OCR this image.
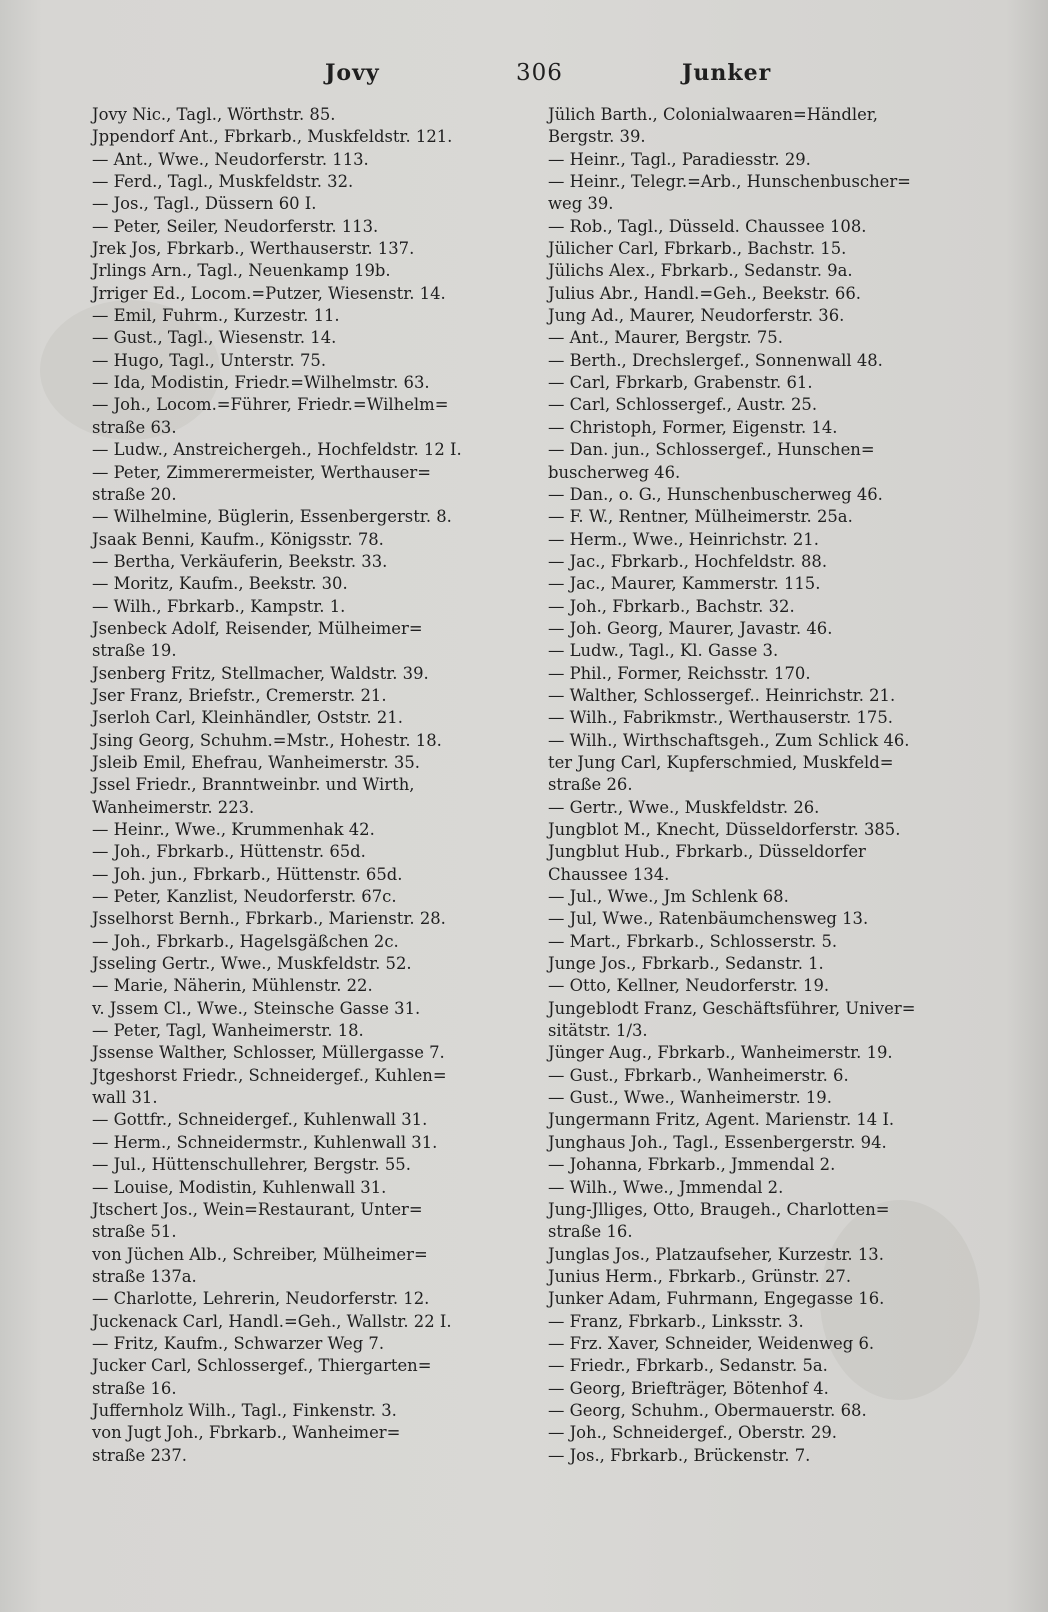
Jovy	306	Junker
Jovy Nic., Tagl., Wörthstr. 85.
Jppendorf Ant., Fbrkarb., Muskfeldstr. 121.
— Ant., Wwe., Neudorferstr. 113.
— Ferd., Tagl., Muskfeldstr. 32.
— Jos., Tagl., Düssern 60 I.
— Peter, Seiler, Neudorferstr. 113.
Jrek Jos, Fbrkarb., Werthauserstr. 137.
Jrlings Arn., Tagl., Neuenkamp 19b.
Jrriger Ed., Locom.=Putzer, Wiesenstr. 14.
— Emil, Fuhrm., Kurzestr. 11.
— Gust., Tagl., Wiesenstr. 14.
— Hugo, Tagl., Unterstr. 75.
— Ida, Modistin, Friedr.=Wilhelmstr. 63.
— Joh., Locom.=Führer, Friedr.=Wilhelm=
straße 63.
— Ludw., Anstreichergeh., Hochfeldstr. 12 I.
— Peter, Zimmerermeister, Werthauser=
straße 20.
— Wilhelmine, Büglerin, Essenbergerstr. 8.
Jsaak Benni, Kaufm., Königsstr. 78.
— Bertha, Verkäuferin, Beekstr. 33.
— Moritz, Kaufm., Beekstr. 30.
— Wilh., Fbrkarb., Kampstr. 1.
Jsenbeck Adolf, Reisender, Mülheimer=
straße 19.
Jsenberg Fritz, Stellmacher, Waldstr. 39.
Jser Franz, Briefstr., Cremerstr. 21.
Jserloh Carl, Kleinhändler, Oststr. 21.
Jsing Georg, Schuhm.=Mstr., Hohestr. 18.
Jsleib Emil, Ehefrau, Wanheimerstr. 35.
Jssel Friedr., Branntweinbr. und Wirth,
Wanheimerstr. 223.
— Heinr., Wwe., Krummenhak 42.
— Joh., Fbrkarb., Hüttenstr. 65d.
— Joh. jun., Fbrkarb., Hüttenstr. 65d.
— Peter, Kanzlist, Neudorferstr. 67c.
Jsselhorst Bernh., Fbrkarb., Marienstr. 28.
— Joh., Fbrkarb., Hagelsgäßchen 2c.
Jsseling Gertr., Wwe., Muskfeldstr. 52.
— Marie, Näherin, Mühlenstr. 22.
v. Jssem Cl., Wwe., Steinsche Gasse 31.
— Peter, Tagl, Wanheimerstr. 18.
Jssense Walther, Schlosser, Müllergasse 7.
Jtgeshorst Friedr., Schneidergef., Kuhlen=
wall 31.
— Gottfr., Schneidergef., Kuhlenwall 31.
— Herm., Schneidermstr., Kuhlenwall 31.
— Jul., Hüttenschullehrer, Bergstr. 55.
— Louise, Modistin, Kuhlenwall 31.
Jtschert Jos., Wein=Restaurant, Unter=
straße 51.
von Jüchen Alb., Schreiber, Mülheimer=
straße 137a.
— Charlotte, Lehrerin, Neudorferstr. 12.
Juckenack Carl, Handl.=Geh., Wallstr. 22 I.
— Fritz, Kaufm., Schwarzer Weg 7.
Jucker Carl, Schlossergef., Thiergarten=
straße 16.
Juffernholz Wilh., Tagl., Finkenstr. 3.
von Jugt Joh., Fbrkarb., Wanheimer=
straße 237.
Jülich Barth., Colonialwaaren=Händler,
Bergstr. 39.
— Heinr., Tagl., Paradiesstr. 29.
— Heinr., Telegr.=Arb., Hunschenbuscher=
weg 39.
— Rob., Tagl., Düsseld. Chaussee 108.
Jülicher Carl, Fbrkarb., Bachstr. 15.
Jülichs Alex., Fbrkarb., Sedanstr. 9a.
Julius Abr., Handl.=Geh., Beekstr. 66.
Jung Ad., Maurer, Neudorferstr. 36.
— Ant., Maurer, Bergstr. 75.
— Berth., Drechslergef., Sonnenwall 48.
— Carl, Fbrkarb, Grabenstr. 61.
— Carl, Schlossergef., Austr. 25.
— Christoph, Former, Eigenstr. 14.
— Dan. jun., Schlossergef., Hunschen=
buscherweg 46.
— Dan., o. G., Hunschenbuscherweg 46.
— F. W., Rentner, Mülheimerstr. 25a.
— Herm., Wwe., Heinrichstr. 21.
— Jac., Fbrkarb., Hochfeldstr. 88.
— Jac., Maurer, Kammerstr. 115.
— Joh., Fbrkarb., Bachstr. 32.
— Joh. Georg, Maurer, Javastr. 46.
— Ludw., Tagl., Kl. Gasse 3.
— Phil., Former, Reichsstr. 170.
— Walther, Schlossergef.. Heinrichstr. 21.
— Wilh., Fabrikmstr., Werthauserstr. 175.
— Wilh., Wirthschaftsgeh., Zum Schlick 46.
ter Jung Carl, Kupferschmied, Muskfeld=
straße 26.
— Gertr., Wwe., Muskfeldstr. 26.
Jungblot M., Knecht, Düsseldorferstr. 385.
Jungblut Hub., Fbrkarb., Düsseldorfer
Chaussee 134.
— Jul., Wwe., Jm Schlenk 68.
— Jul, Wwe., Ratenbäumchensweg 13.
— Mart., Fbrkarb., Schlosserstr. 5.
Junge Jos., Fbrkarb., Sedanstr. 1.
— Otto, Kellner, Neudorferstr. 19.
Jungeblodt Franz, Geschäftsführer, Univer=
sitätstr. 1/3.
Jünger Aug., Fbrkarb., Wanheimerstr. 19.
— Gust., Fbrkarb., Wanheimerstr. 6.
— Gust., Wwe., Wanheimerstr. 19.
Jungermann Fritz, Agent. Marienstr. 14 I.
Junghaus Joh., Tagl., Essenbergerstr. 94.
— Johanna, Fbrkarb., Jmmendal 2.
— Wilh., Wwe., Jmmendal 2.
Jung-Jlliges, Otto, Braugeh., Charlotten=
straße 16.
Junglas Jos., Platzaufseher, Kurzestr. 13.
Junius Herm., Fbrkarb., Grünstr. 27.
Junker Adam, Fuhrmann, Engegasse 16.
— Franz, Fbrkarb., Linksstr. 3.
— Frz. Xaver, Schneider, Weidenweg 6.
— Friedr., Fbrkarb., Sedanstr. 5a.
— Georg, Briefträger, Bötenhof 4.
— Georg, Schuhm., Obermauerstr. 68.
— Joh., Schneidergef., Oberstr. 29.
— Jos., Fbrkarb., Brückenstr. 7.
